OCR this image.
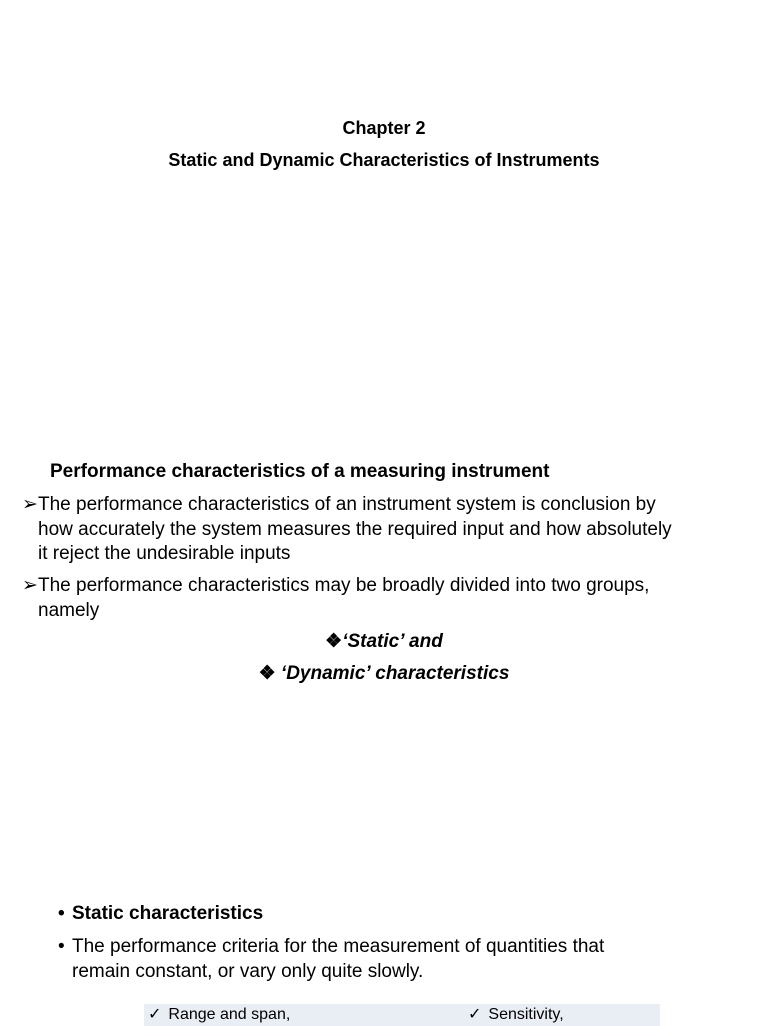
Chapter 2
Static and Dynamic Characteristics of Instruments
Performance characteristics of a measuring instrument
➢The performance characteristics of an instrument system is conclusion by
how accurately the system measures the required input and how absolutely
it reject the undesirable inputs
➢The performance characteristics may be broadly divided into two groups,
namely
❖‘Static’ and
❖ ‘Dynamic’ characteristics
• Static characteristics
• The performance criteria for the measurement of quantities that
remain constant, or vary only quite slowly.
✓ Range and span,	✓ Sensitivity,
